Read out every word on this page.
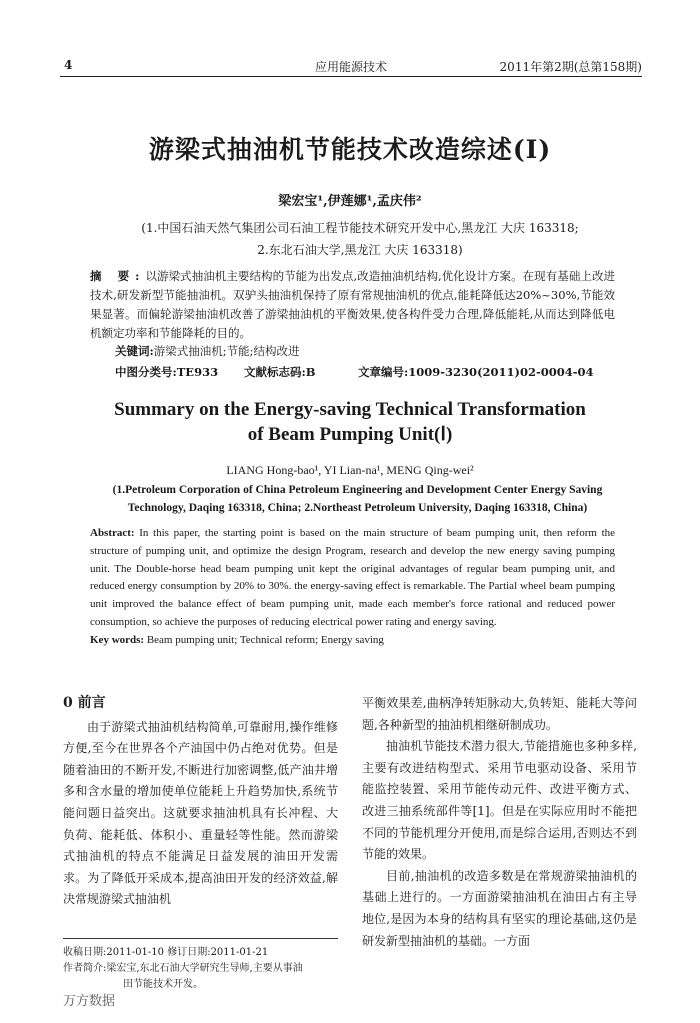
4	应用能源技术	2011年第2期(总第158期)
游梁式抽油机节能技术改造综述(Ⅰ)
梁宏宝¹,伊莲娜¹,孟庆伟²
(1.中国石油天然气集团公司石油工程节能技术研究开发中心,黑龙江 大庆 163318;
2.东北石油大学,黑龙江 大庆 163318)
摘 要:以游梁式抽油机主要结构的节能为出发点,改造抽油机结构,优化设计方案。在现有基础上改进技术,研发新型节能抽油机。双驴头抽油机保持了原有常规抽油机的优点,能耗降低达20%~30%,节能效果显著。而偏轮游梁抽油机改善了游梁抽油机的平衡效果,使各构件受力合理,降低能耗,从而达到降低电机额定功率和节能降耗的目的。
关键词:游梁式抽油机;节能;结构改进
中图分类号:TE933 文献标志码:B	文章编号:1009-3230(2011)02-0004-04
Summary on the Energy-saving Technical Transformation
of Beam Pumping Unit(Ⅰ)
LIANG Hong-bao¹, YI Lian-na¹, MENG Qing-wei²
(1.Petroleum Corporation of China Petroleum Engineering and Development Center Energy Saving
Technology, Daqing 163318, China; 2.Northeast Petroleum University, Daqing 163318, China)
Abstract: In this paper, the starting point is based on the main structure of beam pumping unit, then reform the structure of pumping unit, and optimize the design Program, research and develop the new energy saving pumping unit. The Double-horse head beam pumping unit kept the original advantages of regular beam pumping unit, and reduced energy consumption by 20% to 30%. the energy-saving effect is remarkable. The Partial wheel beam pumping unit improved the balance effect of beam pumping unit, made each member's force rational and reduced power consumption, so achieve the purposes of reducing electrical power rating and energy saving.
Key words: Beam pumping unit; Technical reform; Energy saving
0 前言

由于游梁式抽油机结构简单,可靠耐用,操作维修方便,至今在世界各个产油国中仍占绝对优势。但是随着油田的不断开发,不断进行加密调整,低产油井增多和含水量的增加使单位能耗上升趋势加快,系统节能问题日益突出。这就要求抽油机具有长冲程、大负荷、能耗低、体积小、重量轻等性能。然而游梁式抽油机的特点不能满足日益发展的油田开发需求。为了降低开采成本,提高油田开发的经济效益,解决常规游梁式抽油机

平衡效果差,曲柄净转矩脉动大,负转矩、能耗大等问题,各种新型的抽油机相继研制成功。

抽油机节能技术潜力很大,节能措施也多种多样,主要有改进结构型式、采用节电驱动设备、采用节能监控装置、采用节能传动元件、改进平衡方式、改进三抽系统部件等[1]。但是在实际应用时不能把不同的节能机理分开使用,而是综合运用,否则达不到节能的效果。

目前,抽油机的改造多数是在常规游梁抽油机的基础上进行的。一方面游梁抽油机在油田占有主导地位,是因为本身的结构具有坚实的理论基础,这仍是研发新型抽油机的基础。一方面

收稿日期:2011-01-10 修订日期:2011-01-21
作者简介:梁宏宝,东北石油大学研究生导师,主要从事油
田节能技术开发。
万方数据
